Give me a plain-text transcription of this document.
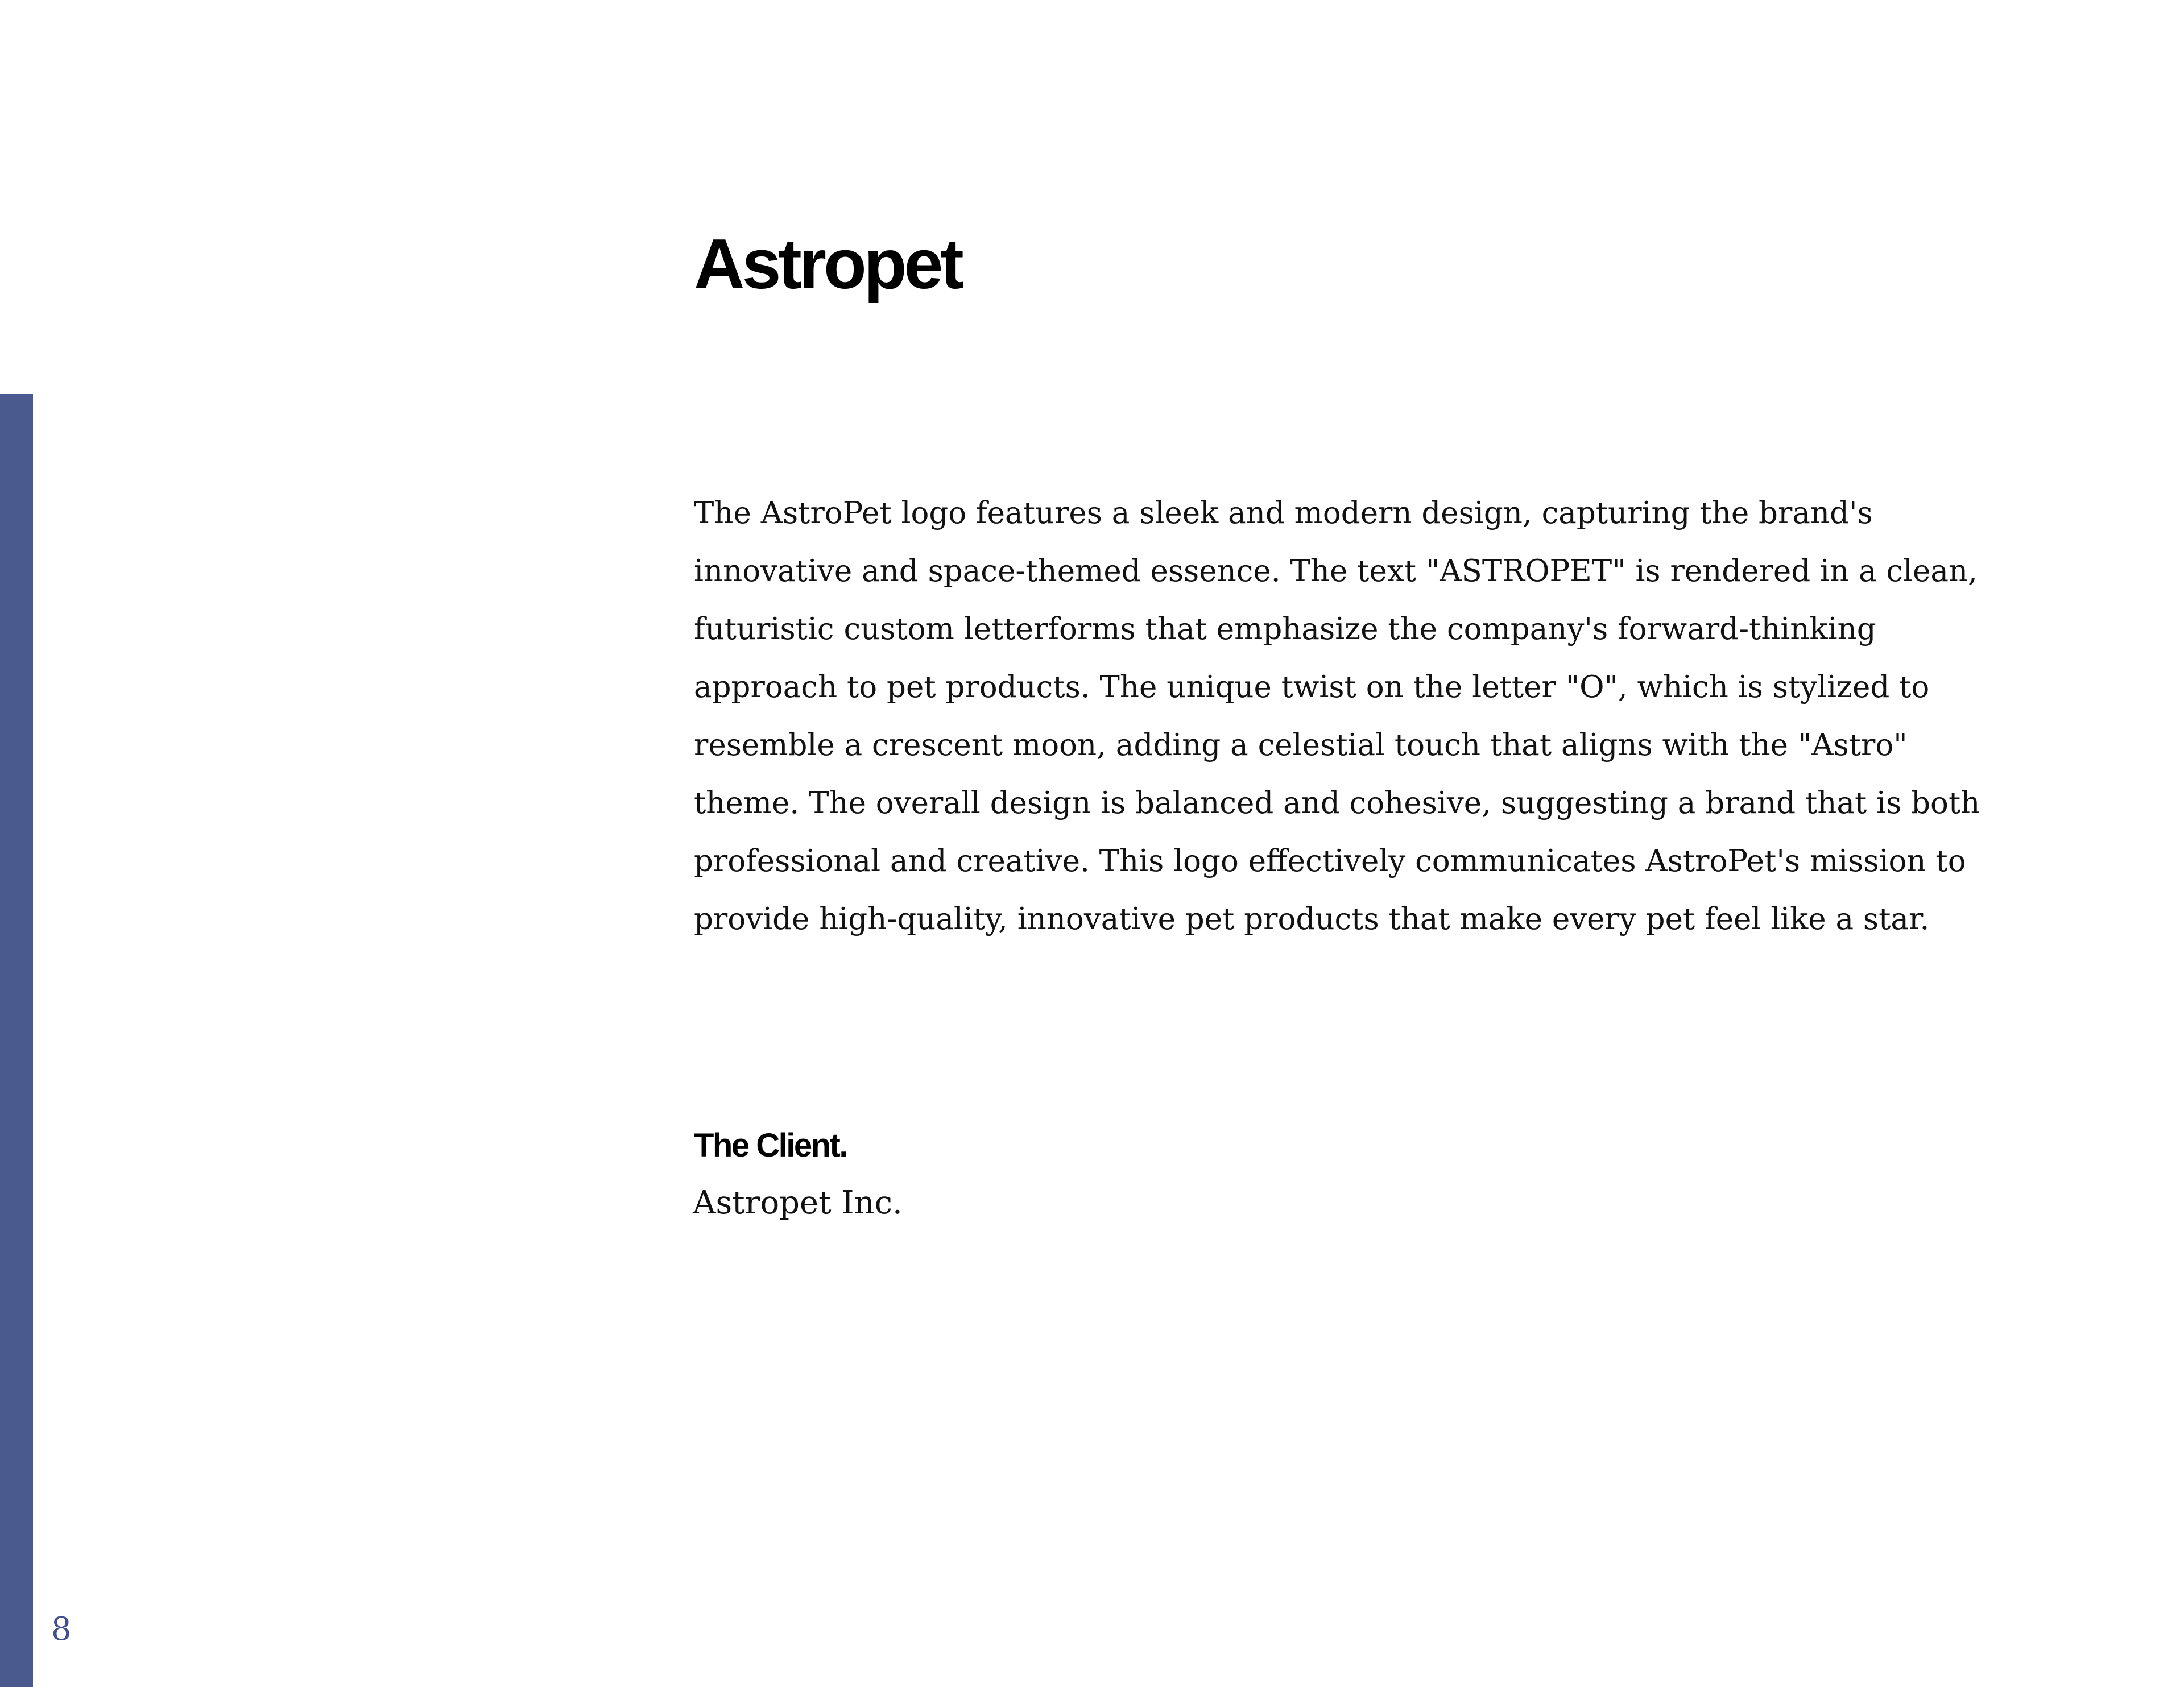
Astropet

The AstroPet logo features a sleek and modern design, capturing the brand's innovative and space-themed essence. The text "ASTROPET" is rendered in a clean, futuristic custom letterforms that emphasize the company's forward-thinking approach to pet products. The unique twist on the letter "O", which is stylized to resemble a crescent moon, adding a celestial touch that aligns with the "Astro" theme. The overall design is balanced and cohesive, suggesting a brand that is both professional and creative. This logo effectively communicates AstroPet's mission to provide high-quality, innovative pet products that make every pet feel like a star.

The Client.
Astropet Inc.
8
